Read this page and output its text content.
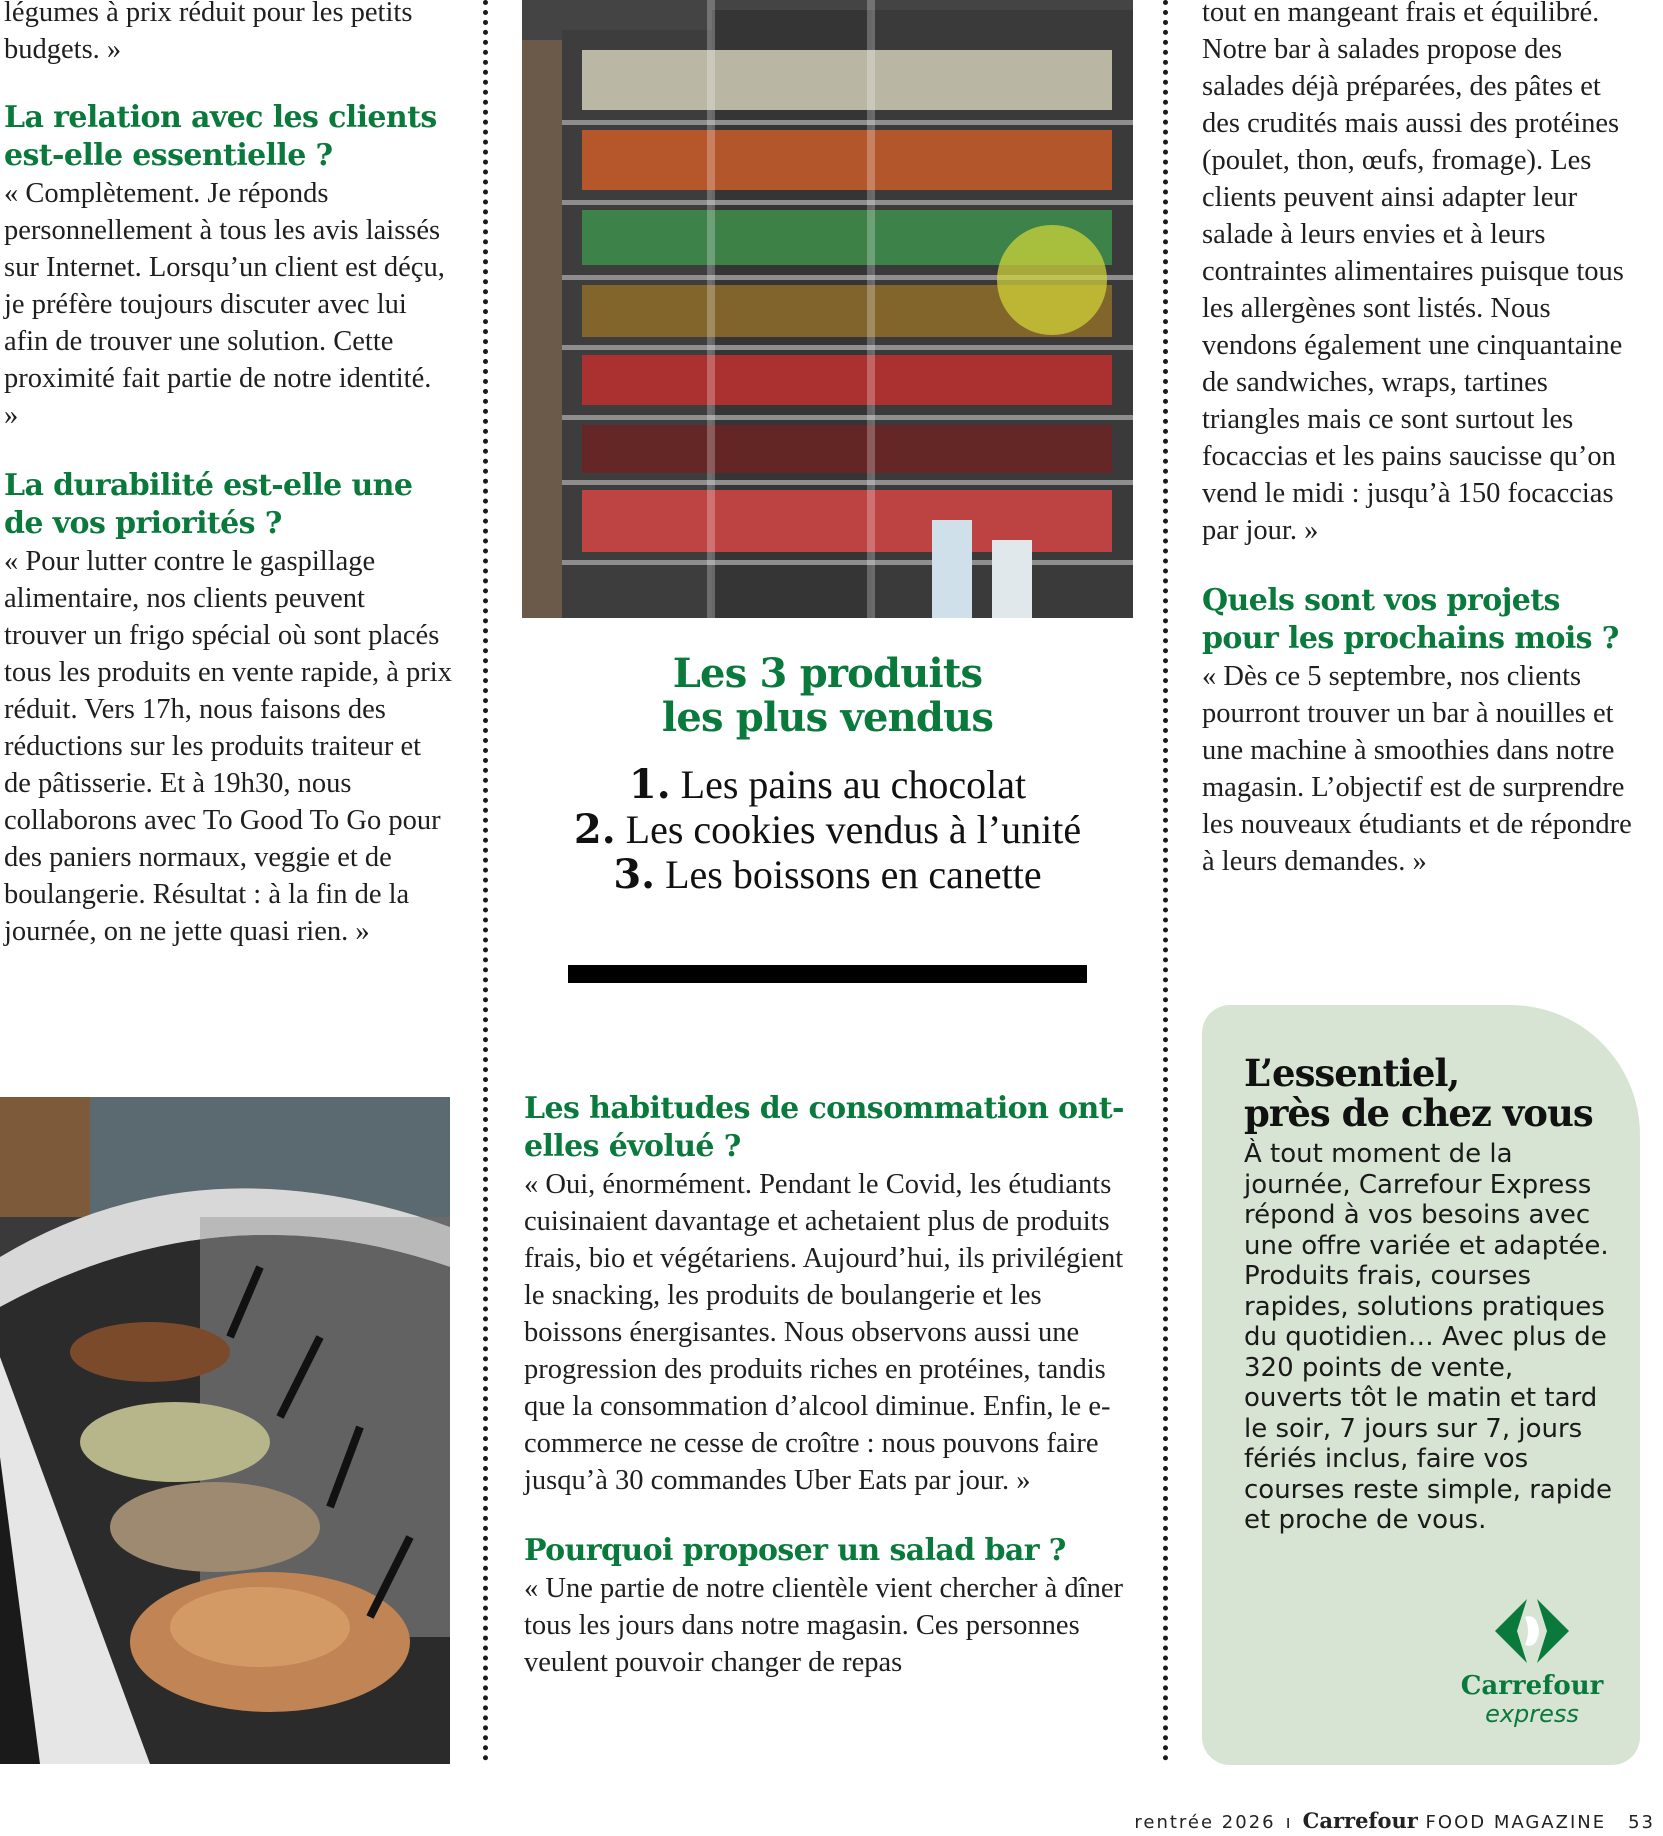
légumes à prix réduit pour les petits budgets. »

La relation avec les clients est-elle essentielle ?

« Complètement. Je réponds personnellement à tous les avis laissés sur Internet. Lorsqu’un client est déçu, je préfère toujours discuter avec lui afin de trouver une solution. Cette proximité fait partie de notre identité. »

La durabilité est-elle une de vos priorités ?

« Pour lutter contre le gaspillage alimentaire, nos clients peuvent trouver un frigo spécial où sont placés tous les produits en vente rapide, à prix réduit. Vers 17h, nous faisons des réductions sur les produits traiteur et de pâtisserie. Et à 19h30, nous collaborons avec To Good To Go pour des paniers normaux, veggie et de boulangerie. Résultat : à la fin de la journée, on ne jette quasi rien. »

Les 3 produits
les plus vendus
1. Les pains au chocolat
2. Les cookies vendus à l’unité
3. Les boissons en canette
Les habitudes de consommation ont-elles évolué ?

« Oui, énormément. Pendant le Covid, les étudiants cuisinaient davantage et achetaient plus de produits frais, bio et végétariens. Aujourd’hui, ils privilégient le snacking, les produits de boulangerie et les boissons énergisantes. Nous observons aussi une progression des produits riches en protéines, tandis que la consommation d’alcool diminue. Enfin, le e-commerce ne cesse de croître : nous pouvons faire jusqu’à 30 commandes Uber Eats par jour. »

Pourquoi proposer un salad bar ?

« Une partie de notre clientèle vient chercher à dîner tous les jours dans notre magasin. Ces personnes veulent pouvoir changer de repas

tout en mangeant frais et équilibré. Notre bar à salades propose des salades déjà préparées, des pâtes et des crudités mais aussi des protéines (poulet, thon, œufs, fromage). Les clients peuvent ainsi adapter leur salade à leurs envies et à leurs contraintes alimentaires puisque tous les allergènes sont listés. Nous vendons également une cinquantaine de sandwiches, wraps, tartines triangles mais ce sont surtout les focaccias et les pains saucisse qu’on vend le midi : jusqu’à 150 focaccias par jour. »

Quels sont vos projets pour les prochains mois ?

« Dès ce 5 septembre, nos clients pourront trouver un bar à nouilles et une machine à smoothies dans notre magasin. L’objectif est de surprendre les nouveaux étudiants et de répondre à leurs demandes. »

L’essentiel,
près de chez vous

À tout moment de la journée, Carrefour Express répond à vos besoins avec une offre variée et adaptée. Produits frais, courses rapides, solutions pratiques du quotidien… Avec plus de 320 points de vente, ouverts tôt le matin et tard le soir, 7 jours sur 7, jours fériés inclus, faire vos courses reste simple, rapide et proche de vous.

Carrefour
express
rentrée 2026 ı Carrefour FOOD MAGAZINE 53
